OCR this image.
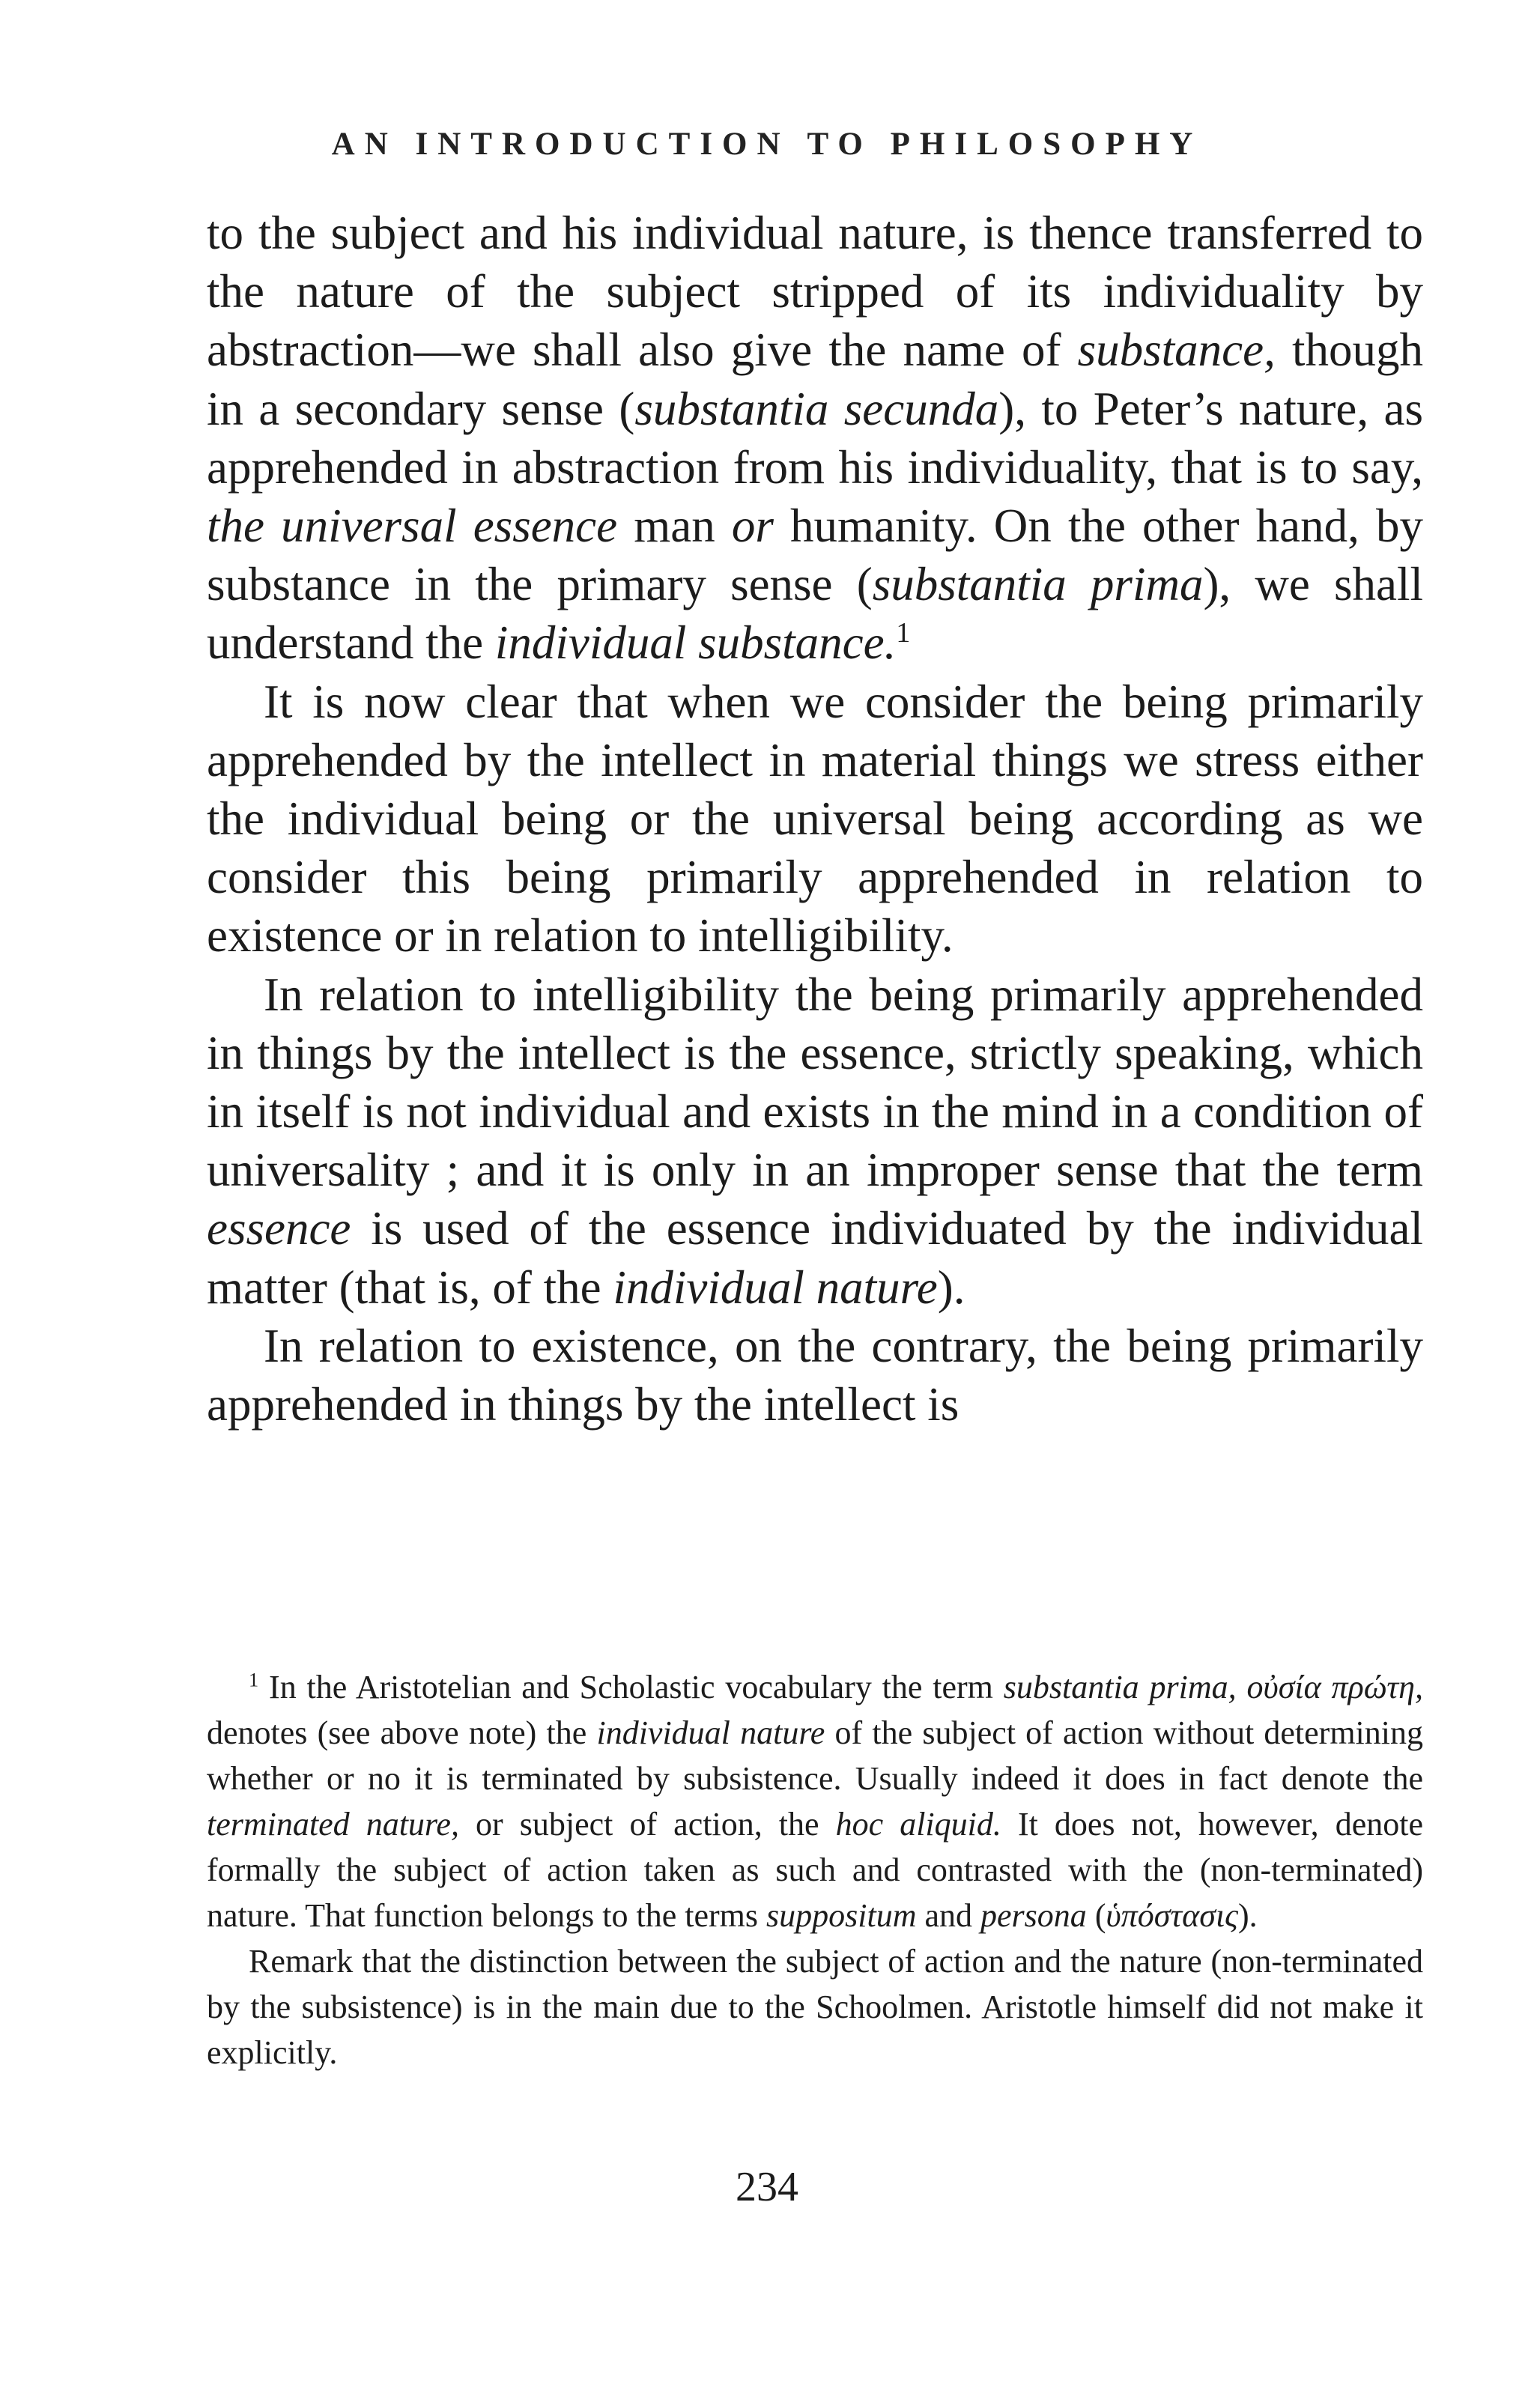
AN INTRODUCTION TO PHILOSOPHY

to the subject and his individual nature, is thence transferred to the nature of the subject stripped of its individuality by abstraction—we shall also give the name of substance, though in a secondary sense (substantia secunda), to Peter’s nature, as apprehended in abstraction from his individuality, that is to say, the universal essence man or humanity. On the other hand, by substance in the primary sense (substantia prima), we shall understand the individual substance.$^1$

It is now clear that when we consider the being primarily apprehended by the intellect in material things we stress either the individual being or the universal being according as we consider this being primarily apprehended in relation to existence or in relation to intelligibility.

In relation to intelligibility the being primarily apprehended in things by the intellect is the essence, strictly speaking, which in itself is not individual and exists in the mind in a condition of universality ; and it is only in an improper sense that the term essence is used of the essence individuated by the individual matter (that is, of the individual nature).

In relation to existence, on the contrary, the being primarily apprehended in things by the intellect is

$^1$ In the Aristotelian and Scholastic vocabulary the term substantia prima, οὐσία πρώτη, denotes (see above note) the individual nature of the subject of action without determining whether or no it is terminated by subsistence. Usually indeed it does in fact denote the terminated nature, or subject of action, the hoc aliquid. It does not, however, denote formally the subject of action taken as such and contrasted with the (non-terminated) nature. That function belongs to the terms suppositum and persona (ὑπόστασις).

Remark that the distinction between the subject of action and the nature (non-terminated by the subsistence) is in the main due to the Schoolmen. Aristotle himself did not make it explicitly.

234
